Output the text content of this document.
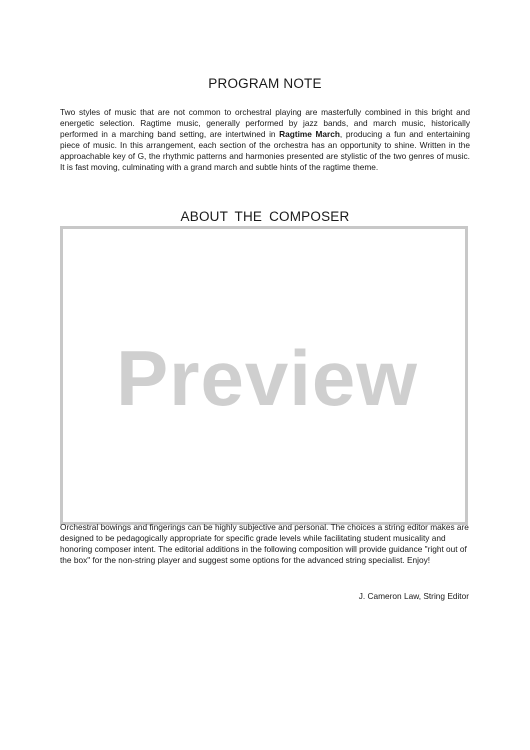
PROGRAM NOTE
Two styles of music that are not common to orchestral playing are masterfully combined in this bright and energetic selection. Ragtime music, generally performed by jazz bands, and march music, historically performed in a marching band setting, are intertwined in Ragtime March, producing a fun and entertaining piece of music. In this arrangement, each section of the orchestra has an opportunity to shine. Written in the approachable key of G, the rhythmic patterns and harmonies presented are stylistic of the two genres of music. It is fast moving, culminating with a grand march and subtle hints of the ragtime theme.
ABOUT THE COMPOSER
Preview
Orchestral bowings and fingerings can be highly subjective and personal. The choices a string editor makes are designed to be pedagogically appropriate for specific grade levels while facilitating student musicality and honoring composer intent. The editorial additions in the following composition will provide guidance "right out of the box" for the non-string player and suggest some options for the advanced string specialist. Enjoy!
J. Cameron Law, String Editor
